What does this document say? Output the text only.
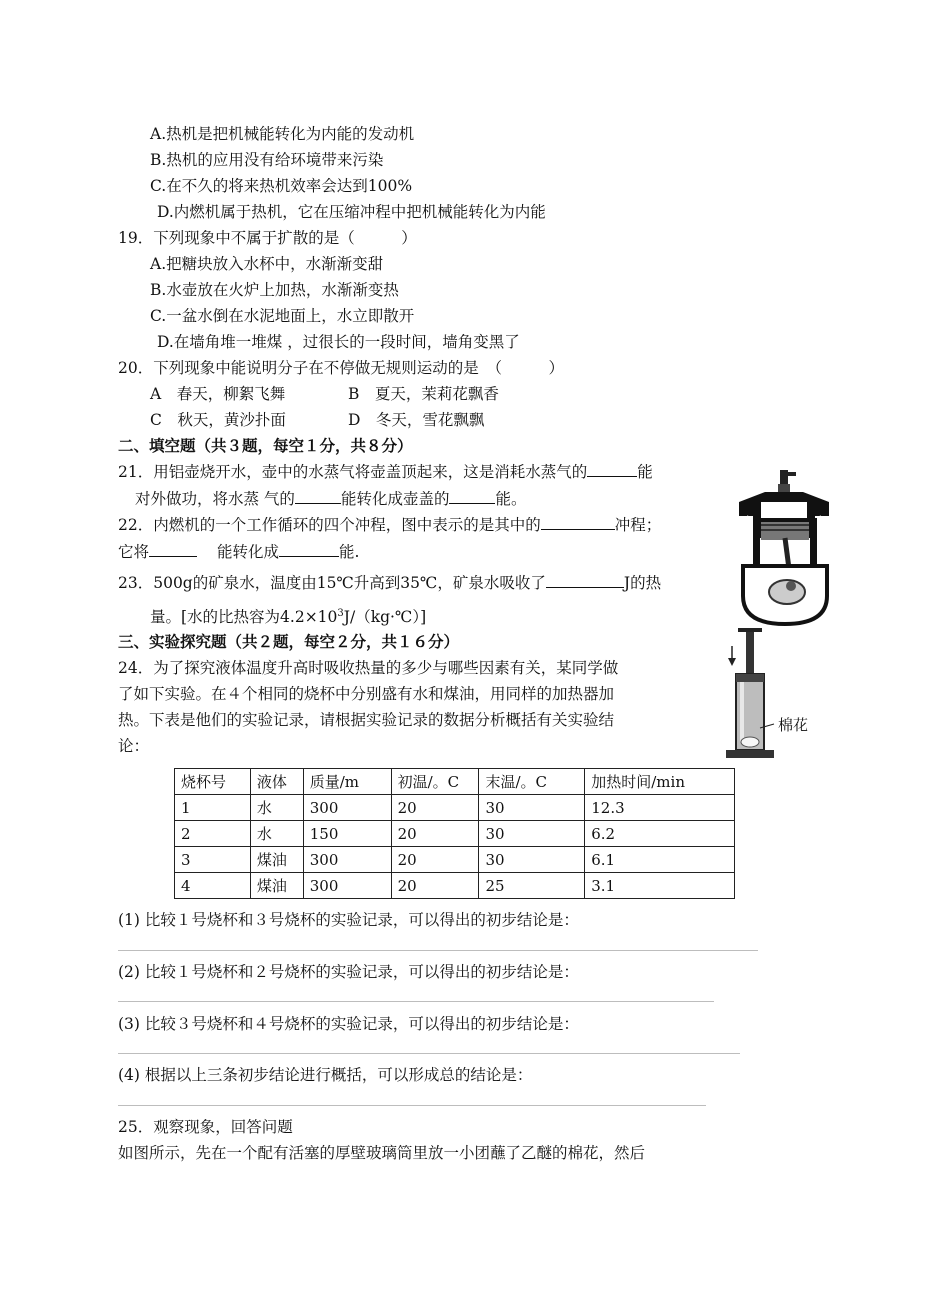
A.热机是把机械能转化为内能的发动机
B.热机的应用没有给环境带来污染
C.在不久的将来热机效率会达到100%
D.内燃机属于热机，它在压缩冲程中把机械能转化为内能
19．下列现象中不属于扩散的是（　　　）
A.把糖块放入水杯中，水渐渐变甜
B.水壶放在火炉上加热，水渐渐变热
C.一盆水倒在水泥地面上，水立即散开
D.在墙角堆一堆煤 ，过很长的一段时间，墙角变黑了
20．下列现象中能说明分子在不停做无规则运动的是　（　　　）
A　春天，柳絮飞舞	B　夏天，茉莉花飘香
C　秋天，黄沙扑面	D　冬天，雪花飘飘
二、填空题（共３题，每空１分，共８分）
21．用铝壶烧开水，壶中的水蒸气将壶盖顶起来，这是消耗水蒸气的	能
对外做功，将水蒸 气的	能转化成壶盖的	能。
22．内燃机的一个工作循环的四个冲程，图中表示的是其中的	冲程；
它将	能转化成	能.
23．500g的矿泉水，温度由15℃升高到35℃，矿泉水吸收了	J的热
量。[水的比热容为$4.2\times 10^3J/(kg\cdot℃)$]
三、实验探究题（共２题，每空２分，共１６分）
24．为了探究液体温度升高时吸收热量的多少与哪些因素有关，某同学做
了如下实验。在４个相同的烧杯中分别盛有水和煤油，用同样的加热器加
热。下表是他们的实验记录，请根据实验记录的数据分析概括有关实验结
论：
烧杯号	液体	质量/m	初温/。C	末温/。C	加热时间/min
1	水	300	20	30	12.3
2	水	150	20	30	6.2
3	煤油	300	20	30	6.1
4	煤油	300	20	25	3.1
(1) 比较１号烧杯和３号烧杯的实验记录，可以得出的初步结论是：
(2) 比较１号烧杯和２号烧杯的实验记录，可以得出的初步结论是：
(3) 比较３号烧杯和４号烧杯的实验记录，可以得出的初步结论是：
(4) 根据以上三条初步结论进行概括，可以形成总的结论是：
25．观察现象，回答问题
如图所示，先在一个配有活塞的厚壁玻璃筒里放一小团蘸了乙醚的棉花，然后
棉花
